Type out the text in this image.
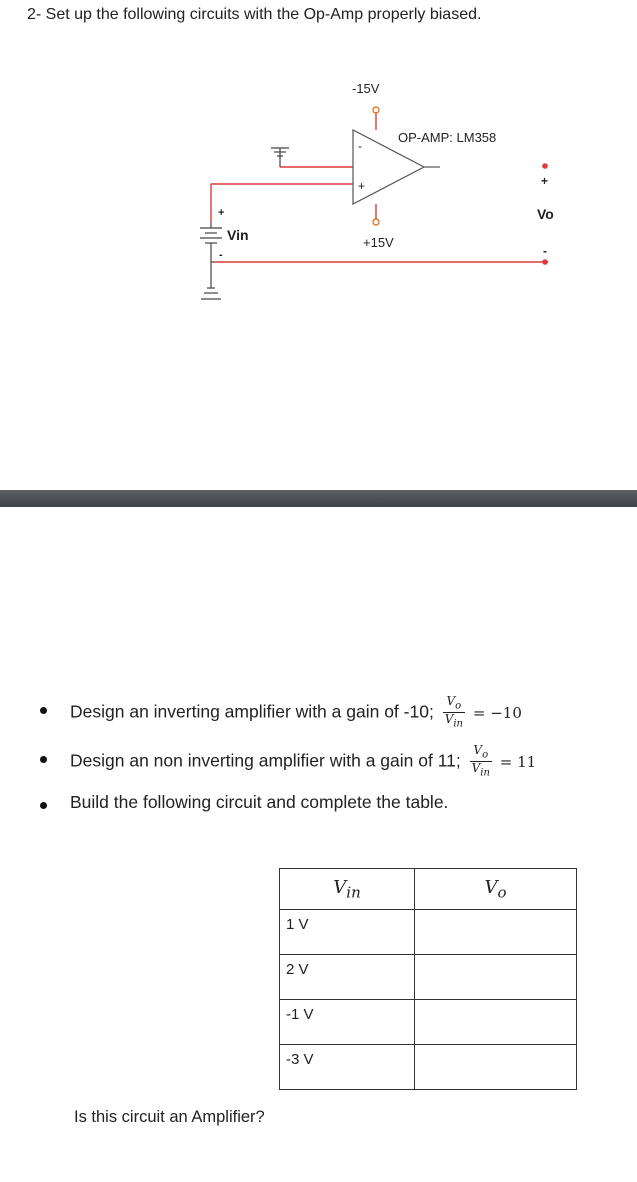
2- Set up the following circuits with the Op-Amp properly biased.
-15V
+15V
-
+
OP-AMP: LM358
+
-
Vin
+
-
Vo
Design an inverting amplifier with a gain of -10; $\frac{V_o}{V_{in}} = -10$
Design an non inverting amplifier with a gain of 11; $\frac{V_o}{V_{in}} = 11$
Build the following circuit and complete the table.
$V_{in}$	$V_o$
1 V	
2 V	
-1 V	
-3 V	
Is this circuit an Amplifier?
